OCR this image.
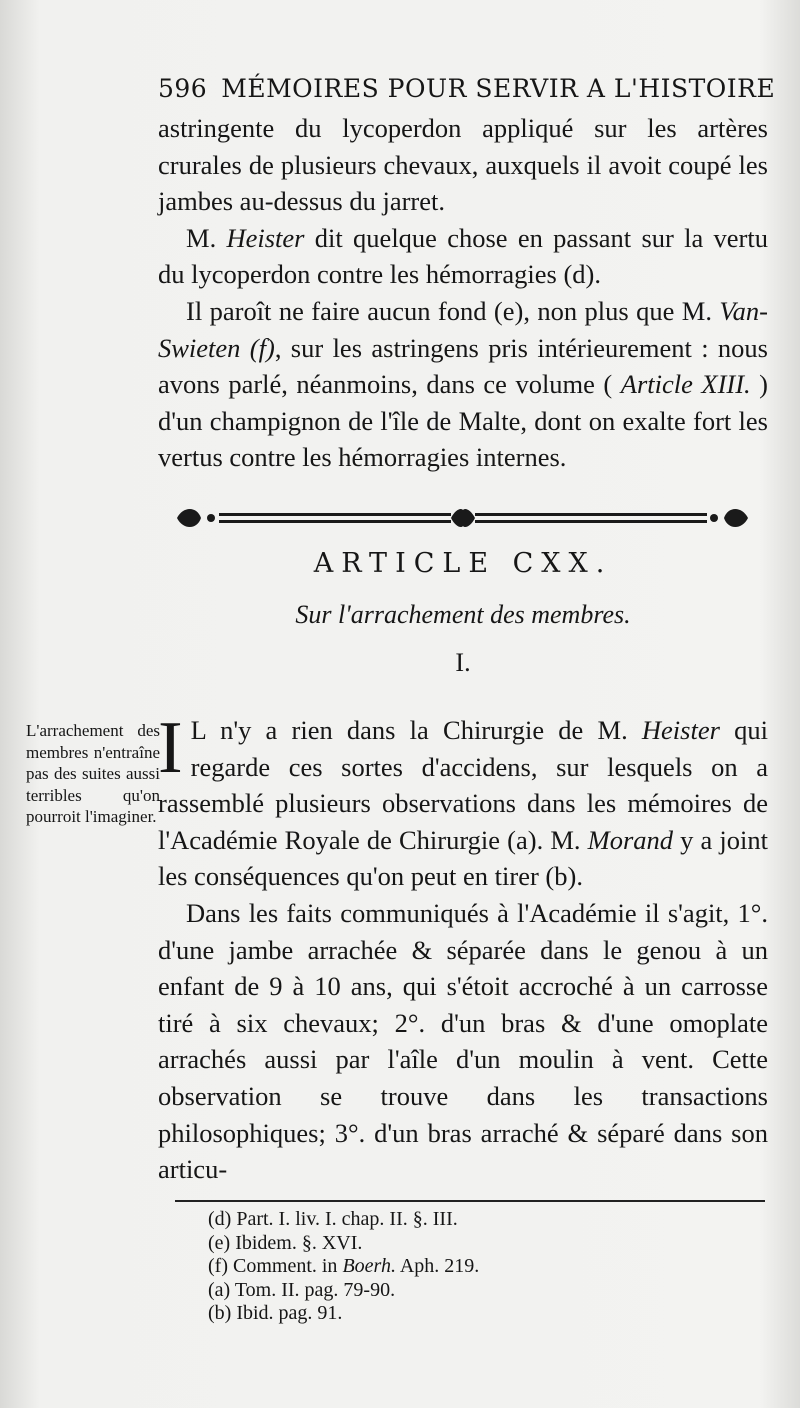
596 MÉMOIRES POUR SERVIR A L'HISTOIRE

astringente du lycoperdon appliqué sur les artères crurales de plusieurs chevaux, auxquels il avoit coupé les jambes au-dessus du jarret.

M. Heister dit quelque chose en passant sur la vertu du lycoperdon contre les hémorragies (d).

Il paroît ne faire aucun fond (e), non plus que M. Van-Swieten (f), sur les astringens pris intérieurement : nous avons parlé, néanmoins, dans ce volume ( Article XIII. ) d'un champignon de l'île de Malte, dont on exalte fort les vertus contre les hémorragies internes.

ARTICLE CXX.
Sur l'arrachement des membres.
I.
L'arrachement des membres n'entraîne pas des suites aussi terribles qu'on pourroit l'imaginer.

I L n'y a rien dans la Chirurgie de M. Heister qui regarde ces sortes d'accidens, sur lesquels on a rassemblé plusieurs observations dans les mémoires de l'Académie Royale de Chirurgie (a). M. Morand y a joint les conséquences qu'on peut en tirer (b).

Dans les faits communiqués à l'Académie il s'agit, 1°. d'une jambe arrachée & séparée dans le genou à un enfant de 9 à 10 ans, qui s'étoit accroché à un carrosse tiré à six chevaux; 2°. d'un bras & d'une omoplate arrachés aussi par l'aîle d'un moulin à vent. Cette observation se trouve dans les transactions philosophiques; 3°. d'un bras arraché & séparé dans son articu-

(d) Part. I. liv. I. chap. II. §. III.
(e) Ibidem. §. XVI.
(f) Comment. in Boerh. Aph. 219.
(a) Tom. II. pag. 79-90.
(b) Ibid. pag. 91.
